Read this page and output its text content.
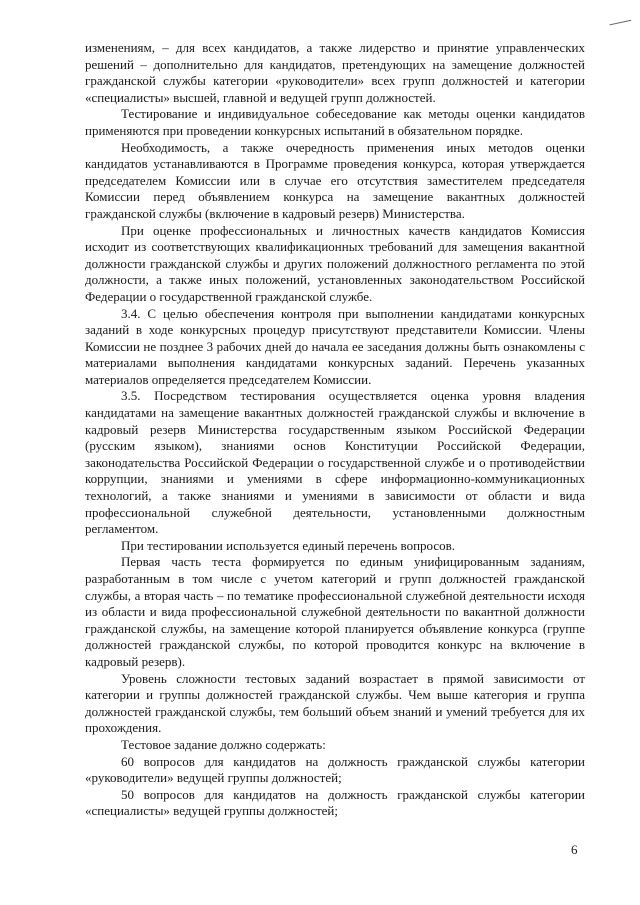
изменениям, – для всех кандидатов, а также лидерство и принятие управленческих решений – дополнительно для кандидатов, претендующих на замещение должностей гражданской службы категории «руководители» всех групп должностей и категории «специалисты» высшей, главной и ведущей групп должностей.

Тестирование и индивидуальное собеседование как методы оценки кандидатов применяются при проведении конкурсных испытаний в обязательном порядке.

Необходимость, а также очередность применения иных методов оценки кандидатов устанавливаются в Программе проведения конкурса, которая утверждается председателем Комиссии или в случае его отсутствия заместителем председателя Комиссии перед объявлением конкурса на замещение вакантных должностей гражданской службы (включение в кадровый резерв) Министерства.

При оценке профессиональных и личностных качеств кандидатов Комиссия исходит из соответствующих квалификационных требований для замещения вакантной должности гражданской службы и других положений должностного регламента по этой должности, а также иных положений, установленных законодательством Российской Федерации о государственной гражданской службе.

3.4. С целью обеспечения контроля при выполнении кандидатами конкурсных заданий в ходе конкурсных процедур присутствуют представители Комиссии. Члены Комиссии не позднее 3 рабочих дней до начала ее заседания должны быть ознакомлены с материалами выполнения кандидатами конкурсных заданий. Перечень указанных материалов определяется председателем Комиссии.

3.5. Посредством тестирования осуществляется оценка уровня владения кандидатами на замещение вакантных должностей гражданской службы и включение в кадровый резерв Министерства государственным языком Российской Федерации (русским языком), знаниями основ Конституции Российской Федерации, законодательства Российской Федерации о государственной службе и о противодействии коррупции, знаниями и умениями в сфере информационно-коммуникационных технологий, а также знаниями и умениями в зависимости от области и вида профессиональной служебной деятельности, установленными должностным регламентом.

При тестировании используется единый перечень вопросов.

Первая часть теста формируется по единым унифицированным заданиям, разработанным в том числе с учетом категорий и групп должностей гражданской службы, а вторая часть – по тематике профессиональной служебной деятельности исходя из области и вида профессиональной служебной деятельности по вакантной должности гражданской службы, на замещение которой планируется объявление конкурса (группе должностей гражданской службы, по которой проводится конкурс на включение в кадровый резерв).

Уровень сложности тестовых заданий возрастает в прямой зависимости от категории и группы должностей гражданской службы. Чем выше категория и группа должностей гражданской службы, тем больший объем знаний и умений требуется для их прохождения.

Тестовое задание должно содержать:

60 вопросов для кандидатов на должность гражданской службы категории «руководители» ведущей группы должностей;

50 вопросов для кандидатов на должность гражданской службы категории «специалисты» ведущей группы должностей;

6
